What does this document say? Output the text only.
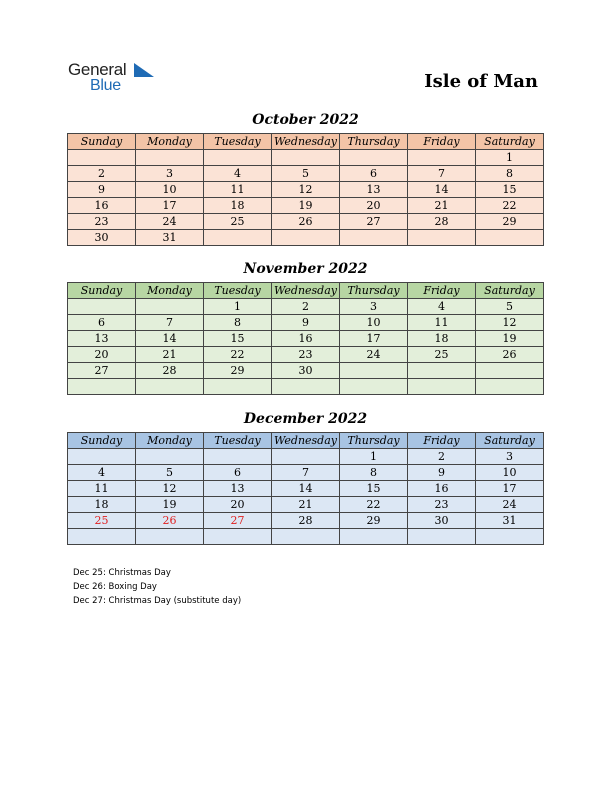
General
Blue	Isle of Man
October 2022
Sunday	Monday	Tuesday	Wednesday	Thursday	Friday	Saturday
						1
2	3	4	5	6	7	8
9	10	11	12	13	14	15
16	17	18	19	20	21	22
23	24	25	26	27	28	29
30	31					
November 2022
Sunday	Monday	Tuesday	Wednesday	Thursday	Friday	Saturday
		1	2	3	4	5
6	7	8	9	10	11	12
13	14	15	16	17	18	19
20	21	22	23	24	25	26
27	28	29	30			

December 2022
Sunday	Monday	Tuesday	Wednesday	Thursday	Friday	Saturday
				1	2	3
4	5	6	7	8	9	10
11	12	13	14	15	16	17
18	19	20	21	22	23	24
25	26	27	28	29	30	31

Dec 25: Christmas Day
Dec 26: Boxing Day
Dec 27: Christmas Day (substitute day)
